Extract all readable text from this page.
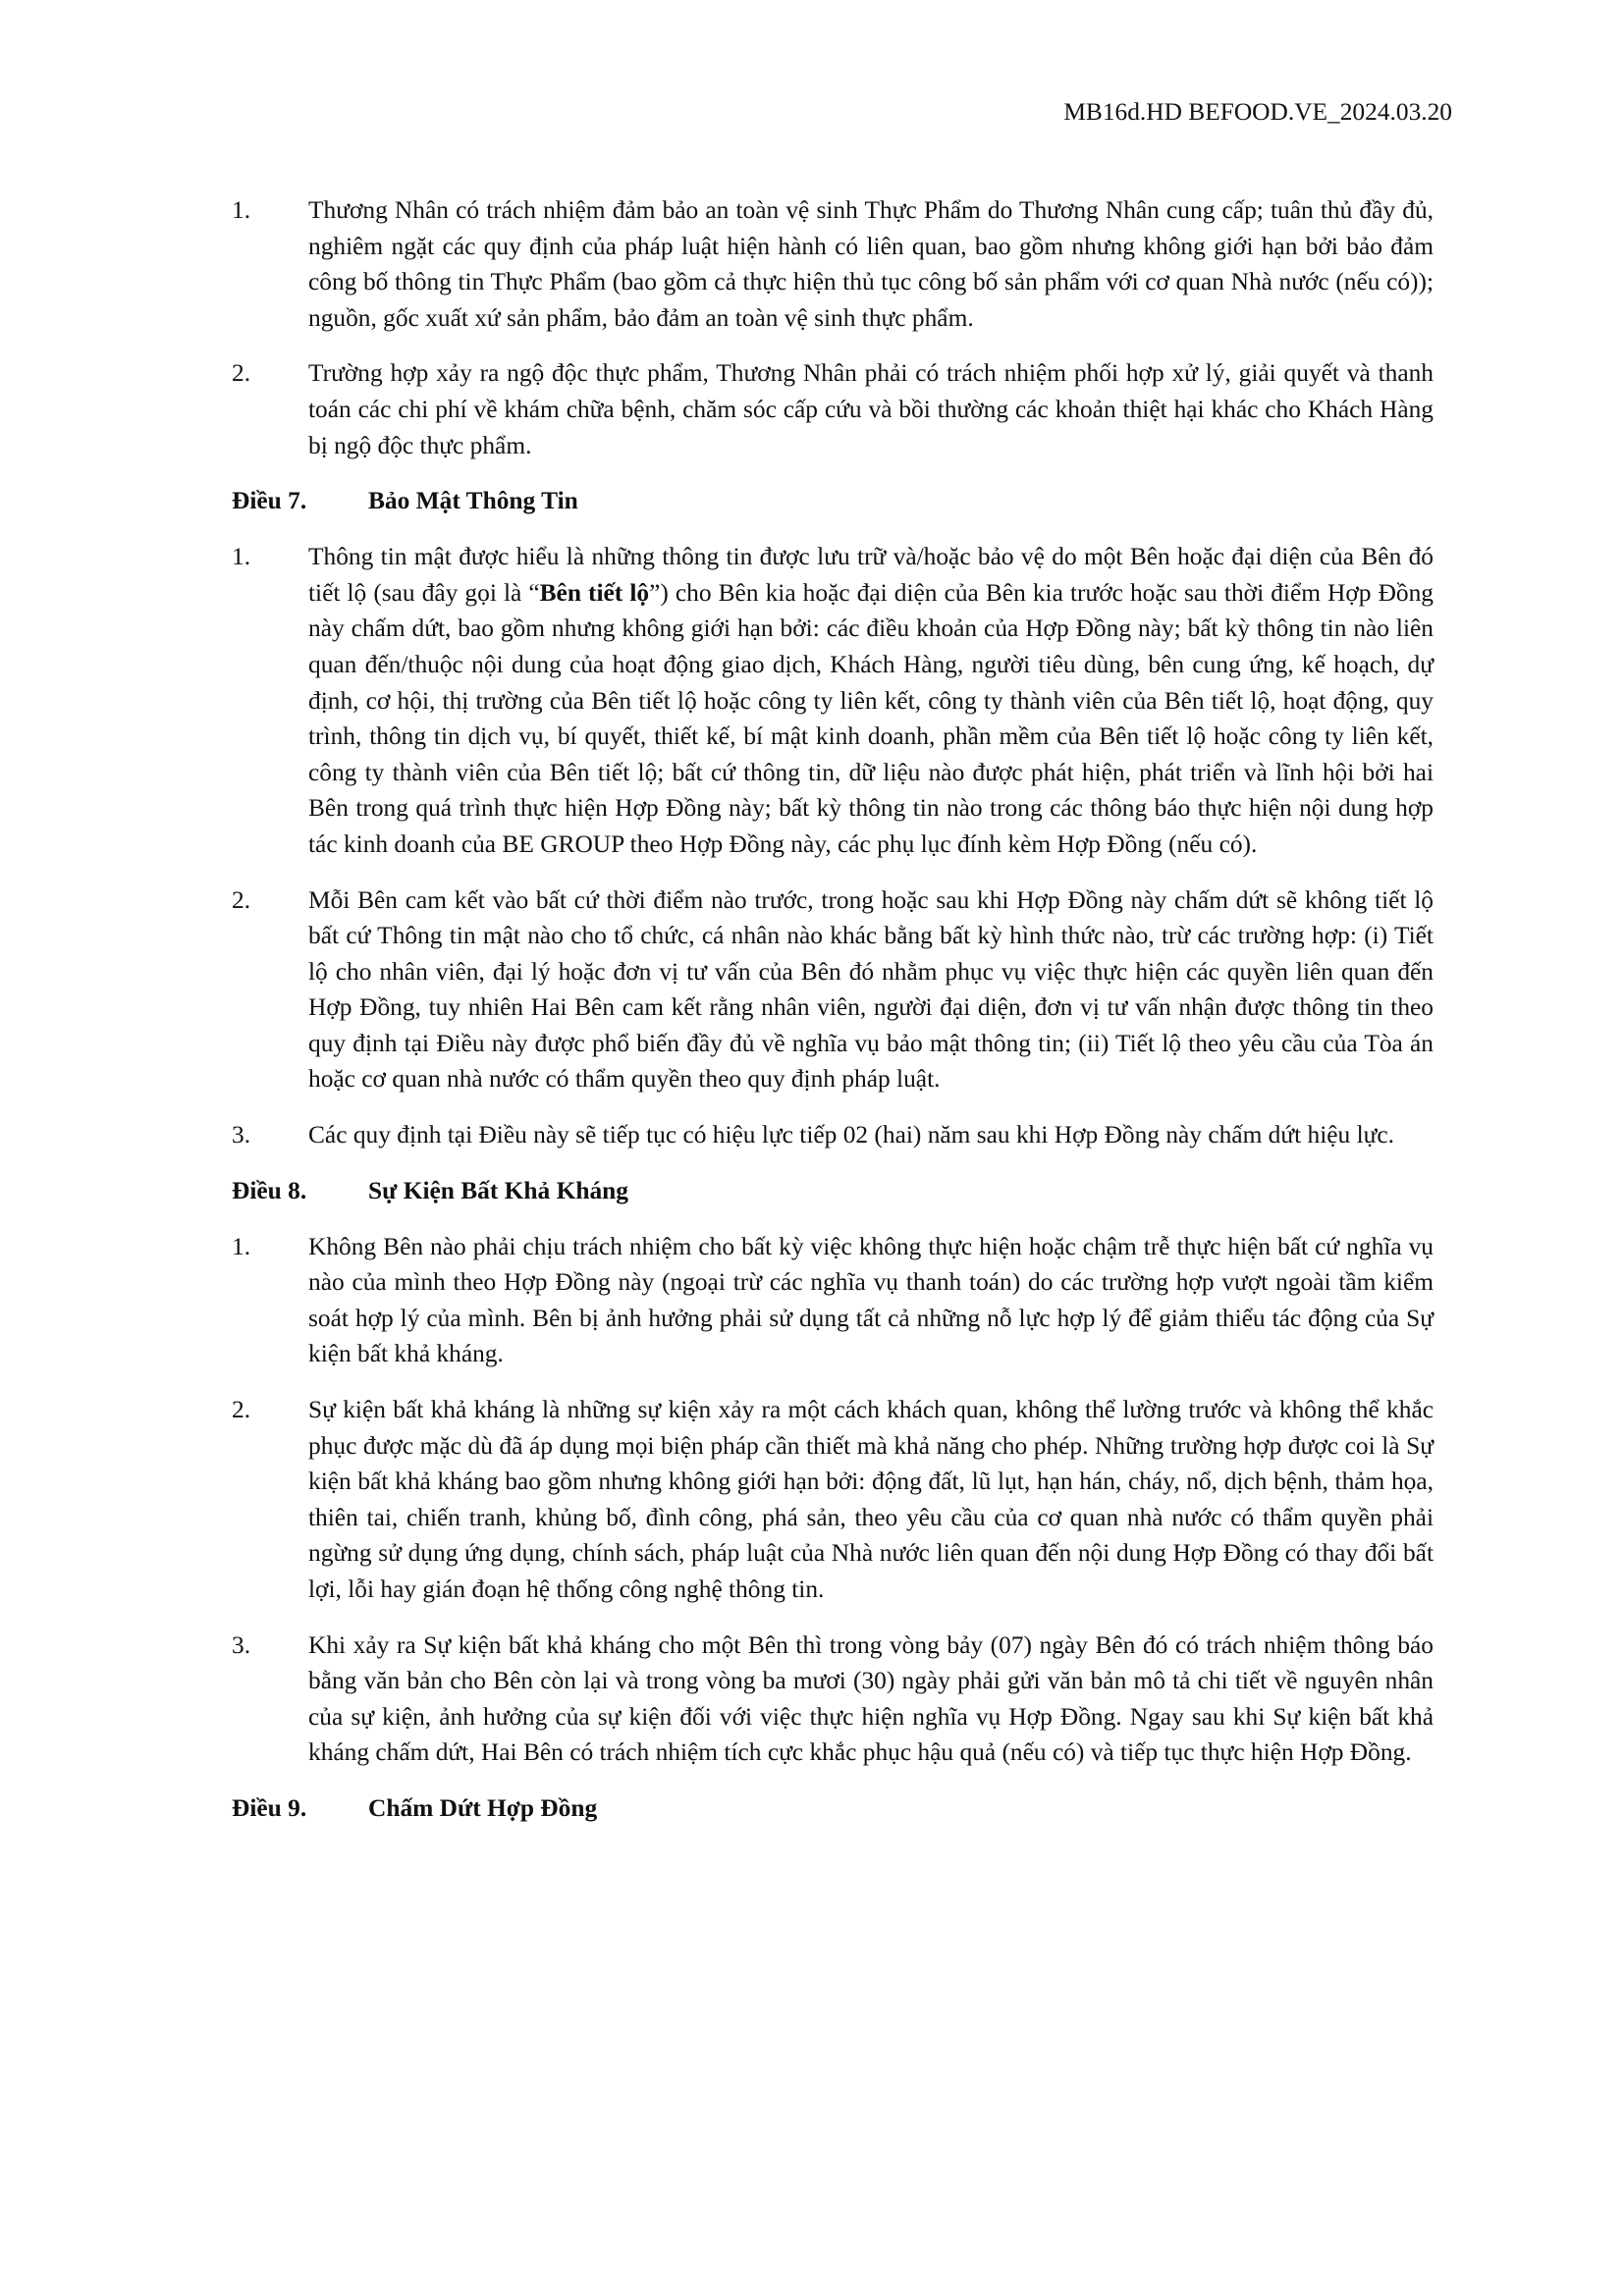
MB16d.HD BEFOOD.VE_2024.03.20
1. Thương Nhân có trách nhiệm đảm bảo an toàn vệ sinh Thực Phẩm do Thương Nhân cung cấp; tuân thủ đầy đủ, nghiêm ngặt các quy định của pháp luật hiện hành có liên quan, bao gồm nhưng không giới hạn bởi bảo đảm công bố thông tin Thực Phẩm (bao gồm cả thực hiện thủ tục công bố sản phẩm với cơ quan Nhà nước (nếu có)); nguồn, gốc xuất xứ sản phẩm, bảo đảm an toàn vệ sinh thực phẩm.
2. Trường hợp xảy ra ngộ độc thực phẩm, Thương Nhân phải có trách nhiệm phối hợp xử lý, giải quyết và thanh toán các chi phí về khám chữa bệnh, chăm sóc cấp cứu và bồi thường các khoản thiệt hại khác cho Khách Hàng bị ngộ độc thực phẩm.
Điều 7. Bảo Mật Thông Tin
1. Thông tin mật được hiểu là những thông tin được lưu trữ và/hoặc bảo vệ do một Bên hoặc đại diện của Bên đó tiết lộ (sau đây gọi là “Bên tiết lộ”) cho Bên kia hoặc đại diện của Bên kia trước hoặc sau thời điểm Hợp Đồng này chấm dứt, bao gồm nhưng không giới hạn bởi: các điều khoản của Hợp Đồng này; bất kỳ thông tin nào liên quan đến/thuộc nội dung của hoạt động giao dịch, Khách Hàng, người tiêu dùng, bên cung ứng, kế hoạch, dự định, cơ hội, thị trường của Bên tiết lộ hoặc công ty liên kết, công ty thành viên của Bên tiết lộ, hoạt động, quy trình, thông tin dịch vụ, bí quyết, thiết kế, bí mật kinh doanh, phần mềm của Bên tiết lộ hoặc công ty liên kết, công ty thành viên của Bên tiết lộ; bất cứ thông tin, dữ liệu nào được phát hiện, phát triển và lĩnh hội bởi hai Bên trong quá trình thực hiện Hợp Đồng này; bất kỳ thông tin nào trong các thông báo thực hiện nội dung hợp tác kinh doanh của BE GROUP theo Hợp Đồng này, các phụ lục đính kèm Hợp Đồng (nếu có).
2. Mỗi Bên cam kết vào bất cứ thời điểm nào trước, trong hoặc sau khi Hợp Đồng này chấm dứt sẽ không tiết lộ bất cứ Thông tin mật nào cho tổ chức, cá nhân nào khác bằng bất kỳ hình thức nào, trừ các trường hợp: (i) Tiết lộ cho nhân viên, đại lý hoặc đơn vị tư vấn của Bên đó nhằm phục vụ việc thực hiện các quyền liên quan đến Hợp Đồng, tuy nhiên Hai Bên cam kết rằng nhân viên, người đại diện, đơn vị tư vấn nhận được thông tin theo quy định tại Điều này được phổ biến đầy đủ về nghĩa vụ bảo mật thông tin; (ii) Tiết lộ theo yêu cầu của Tòa án hoặc cơ quan nhà nước có thẩm quyền theo quy định pháp luật.
3. Các quy định tại Điều này sẽ tiếp tục có hiệu lực tiếp 02 (hai) năm sau khi Hợp Đồng này chấm dứt hiệu lực.
Điều 8. Sự Kiện Bất Khả Kháng
1. Không Bên nào phải chịu trách nhiệm cho bất kỳ việc không thực hiện hoặc chậm trễ thực hiện bất cứ nghĩa vụ nào của mình theo Hợp Đồng này (ngoại trừ các nghĩa vụ thanh toán) do các trường hợp vượt ngoài tầm kiểm soát hợp lý của mình. Bên bị ảnh hưởng phải sử dụng tất cả những nỗ lực hợp lý để giảm thiểu tác động của Sự kiện bất khả kháng.
2. Sự kiện bất khả kháng là những sự kiện xảy ra một cách khách quan, không thể lường trước và không thể khắc phục được mặc dù đã áp dụng mọi biện pháp cần thiết mà khả năng cho phép. Những trường hợp được coi là Sự kiện bất khả kháng bao gồm nhưng không giới hạn bởi: động đất, lũ lụt, hạn hán, cháy, nổ, dịch bệnh, thảm họa, thiên tai, chiến tranh, khủng bố, đình công, phá sản, theo yêu cầu của cơ quan nhà nước có thẩm quyền phải ngừng sử dụng ứng dụng, chính sách, pháp luật của Nhà nước liên quan đến nội dung Hợp Đồng có thay đổi bất lợi, lỗi hay gián đoạn hệ thống công nghệ thông tin.
3. Khi xảy ra Sự kiện bất khả kháng cho một Bên thì trong vòng bảy (07) ngày Bên đó có trách nhiệm thông báo bằng văn bản cho Bên còn lại và trong vòng ba mươi (30) ngày phải gửi văn bản mô tả chi tiết về nguyên nhân của sự kiện, ảnh hưởng của sự kiện đối với việc thực hiện nghĩa vụ Hợp Đồng. Ngay sau khi Sự kiện bất khả kháng chấm dứt, Hai Bên có trách nhiệm tích cực khắc phục hậu quả (nếu có) và tiếp tục thực hiện Hợp Đồng.
Điều 9. Chấm Dứt Hợp Đồng
